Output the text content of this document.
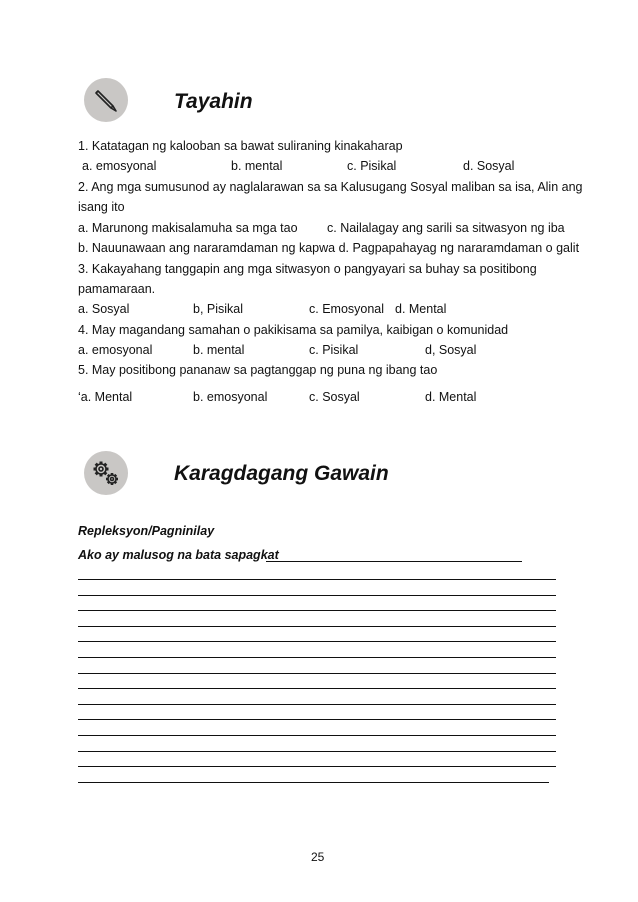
Tayahin
1. Katatagan ng kalooban sa bawat suliraning kinakaharap
a. emosyonal	b. mental	c. Pisikal	d. Sosyal
2. Ang mga sumusunod ay naglalarawan sa sa Kalusugang Sosyal maliban sa isa, Alin ang
isang ito
a. Marunong makisalamuha sa mga tao c. Nailalagay ang sarili sa sitwasyon ng iba
b. Nauunawaan ang nararamdaman ng kapwa d. Pagpapahayag ng nararamdaman o galit
3. Kakayahang tanggapin ang mga sitwasyon o pangyayari sa buhay sa positibong
pamamaraan.
a. Sosyal	b, Pisikal	c. Emosyonal d. Mental
4. May magandang samahan o pakikisama sa pamilya, kaibigan o komunidad
a. emosyonal	b. mental	c. Pisikal	d, Sosyal
5. May positibong pananaw sa pagtanggap ng puna ng ibang tao
‘a. Mental	b. emosyonal	c. Sosyal	d. Mental
Karagdagang Gawain
Repleksyon/Pagninilay
Ako ay malusog na bata sapagkat
25
